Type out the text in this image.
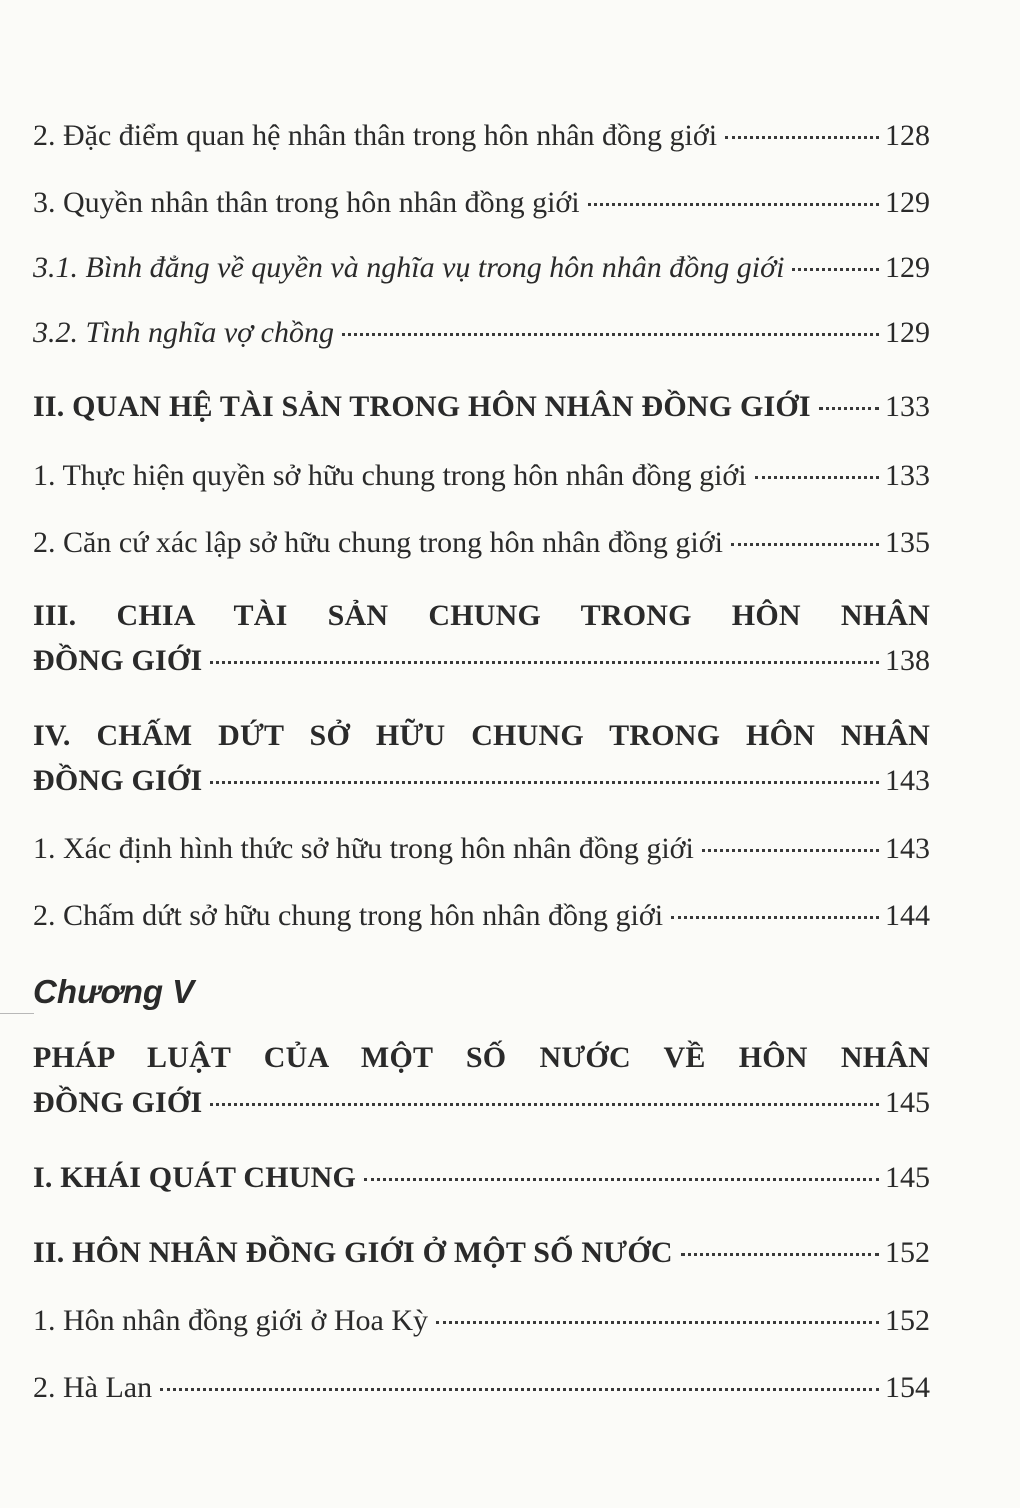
2. Đặc điểm quan hệ nhân thân trong hôn nhân đồng giới	128
3. Quyền nhân thân trong hôn nhân đồng giới	129
3.1. Bình đẳng về quyền và nghĩa vụ trong hôn nhân đồng giới	129
3.2. Tình nghĩa vợ chồng	129
II. QUAN HỆ TÀI SẢN TRONG HÔN NHÂN ĐỒNG GIỚI 133
1. Thực hiện quyền sở hữu chung trong hôn nhân đồng giới	133
2. Căn cứ xác lập sở hữu chung trong hôn nhân đồng giới	135
III. CHIA TÀI SẢN CHUNG TRONG HÔN NHÂN
ĐỒNG GIỚI	138
IV. CHẤM DỨT SỞ HỮU CHUNG TRONG HÔN NHÂN
ĐỒNG GIỚI	143
1. Xác định hình thức sở hữu trong hôn nhân đồng giới	143
2. Chấm dứt sở hữu chung trong hôn nhân đồng giới	144
Chương V
PHÁP LUẬT CỦA MỘT SỐ NƯỚC VỀ HÔN NHÂN
ĐỒNG GIỚI	145
I. KHÁI QUÁT CHUNG	145
II. HÔN NHÂN ĐỒNG GIỚI Ở MỘT SỐ NƯỚC	152
1. Hôn nhân đồng giới ở Hoa Kỳ	152
2. Hà Lan	154
